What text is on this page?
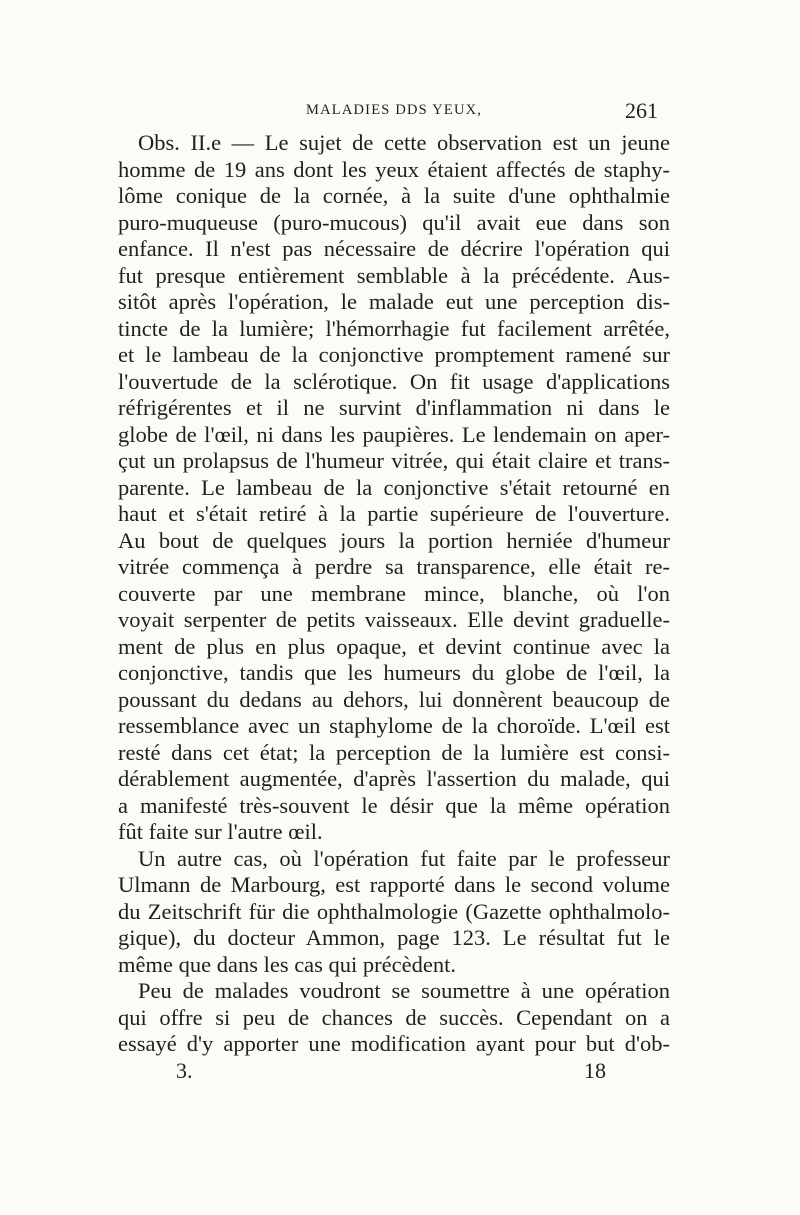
MALADIES DDS YEUX,	261
Obs. II.e — Le sujet de cette observation est un jeune
homme de 19 ans dont les yeux étaient affectés de staphy-
lôme conique de la cornée, à la suite d'une ophthalmie
puro-muqueuse (puro-mucous) qu'il avait eue dans son
enfance. Il n'est pas nécessaire de décrire l'opération qui
fut presque entièrement semblable à la précédente. Aus-
sitôt après l'opération, le malade eut une perception dis-
tincte de la lumière; l'hémorrhagie fut facilement arrêtée,
et le lambeau de la conjonctive promptement ramené sur
l'ouvertude de la sclérotique. On fit usage d'applications
réfrigérentes et il ne survint d'inflammation ni dans le
globe de l'œil, ni dans les paupières. Le lendemain on aper-
çut un prolapsus de l'humeur vitrée, qui était claire et trans-
parente. Le lambeau de la conjonctive s'était retourné en
haut et s'était retiré à la partie supérieure de l'ouverture.
Au bout de quelques jours la portion herniée d'humeur
vitrée commença à perdre sa transparence, elle était re-
couverte par une membrane mince, blanche, où l'on
voyait serpenter de petits vaisseaux. Elle devint graduelle-
ment de plus en plus opaque, et devint continue avec la
conjonctive, tandis que les humeurs du globe de l'œil, la
poussant du dedans au dehors, lui donnèrent beaucoup de
ressemblance avec un staphylome de la choroïde. L'œil est
resté dans cet état; la perception de la lumière est consi-
dérablement augmentée, d'après l'assertion du malade, qui
a manifesté très-souvent le désir que la même opération
fût faite sur l'autre œil.
Un autre cas, où l'opération fut faite par le professeur
Ulmann de Marbourg, est rapporté dans le second volume
du Zeitschrift für die ophthalmologie (Gazette ophthalmolo-
gique), du docteur Ammon, page 123. Le résultat fut le
même que dans les cas qui précèdent.
Peu de malades voudront se soumettre à une opération
qui offre si peu de chances de succès. Cependant on a
essayé d'y apporter une modification ayant pour but d'ob-
3.	18
